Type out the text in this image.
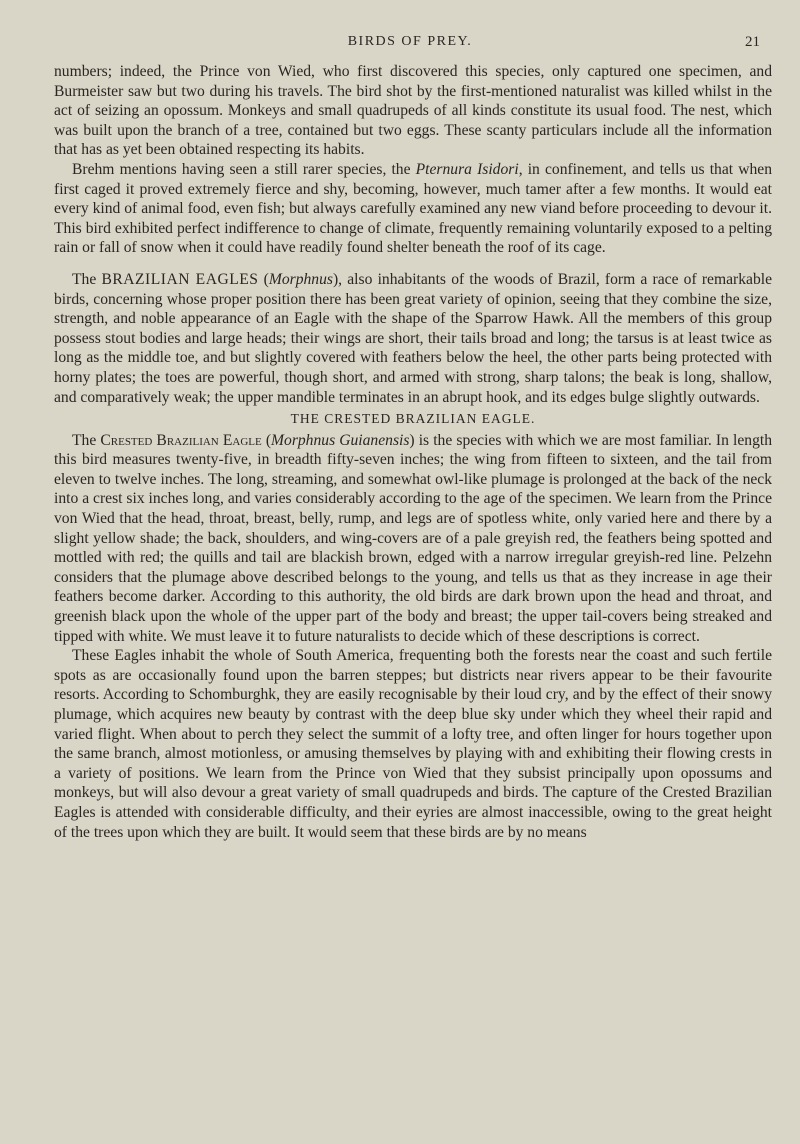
BIRDS OF PREY.	21

numbers; indeed, the Prince von Wied, who first discovered this species, only captured one specimen, and Burmeister saw but two during his travels. The bird shot by the first-mentioned naturalist was killed whilst in the act of seizing an opossum. Monkeys and small quadrupeds of all kinds constitute its usual food. The nest, which was built upon the branch of a tree, contained but two eggs. These scanty particulars include all the information that has as yet been obtained respecting its habits.

Brehm mentions having seen a still rarer species, the Pternura Isidori, in confinement, and tells us that when first caged it proved extremely fierce and shy, becoming, however, much tamer after a few months. It would eat every kind of animal food, even fish; but always carefully examined any new viand before proceeding to devour it. This bird exhibited perfect indifference to change of climate, frequently remaining voluntarily exposed to a pelting rain or fall of snow when it could have readily found shelter beneath the roof of its cage.

The BRAZILIAN EAGLES (Morphnus), also inhabitants of the woods of Brazil, form a race of remarkable birds, concerning whose proper position there has been great variety of opinion, seeing that they combine the size, strength, and noble appearance of an Eagle with the shape of the Sparrow Hawk. All the members of this group possess stout bodies and large heads; their wings are short, their tails broad and long; the tarsus is at least twice as long as the middle toe, and but slightly covered with feathers below the heel, the other parts being protected with horny plates; the toes are powerful, though short, and armed with strong, sharp talons; the beak is long, shallow, and comparatively weak; the upper mandible terminates in an abrupt hook, and its edges bulge slightly outwards.

THE CRESTED BRAZILIAN EAGLE.

The Crested Brazilian Eagle (Morphnus Guianensis) is the species with which we are most familiar. In length this bird measures twenty-five, in breadth fifty-seven inches; the wing from fifteen to sixteen, and the tail from eleven to twelve inches. The long, streaming, and somewhat owl-like plumage is prolonged at the back of the neck into a crest six inches long, and varies considerably according to the age of the specimen. We learn from the Prince von Wied that the head, throat, breast, belly, rump, and legs are of spotless white, only varied here and there by a slight yellow shade; the back, shoulders, and wing-covers are of a pale greyish red, the feathers being spotted and mottled with red; the quills and tail are blackish brown, edged with a narrow irregular greyish-red line. Pelzehn considers that the plumage above described belongs to the young, and tells us that as they increase in age their feathers become darker. According to this authority, the old birds are dark brown upon the head and throat, and greenish black upon the whole of the upper part of the body and breast; the upper tail-covers being streaked and tipped with white. We must leave it to future naturalists to decide which of these descriptions is correct.

These Eagles inhabit the whole of South America, frequenting both the forests near the coast and such fertile spots as are occasionally found upon the barren steppes; but districts near rivers appear to be their favourite resorts. According to Schomburghk, they are easily recognisable by their loud cry, and by the effect of their snowy plumage, which acquires new beauty by contrast with the deep blue sky under which they wheel their rapid and varied flight. When about to perch they select the summit of a lofty tree, and often linger for hours together upon the same branch, almost motionless, or amusing themselves by playing with and exhibiting their flowing crests in a variety of positions. We learn from the Prince von Wied that they subsist principally upon opossums and monkeys, but will also devour a great variety of small quadrupeds and birds. The capture of the Crested Brazilian Eagles is attended with considerable difficulty, and their eyries are almost inaccessible, owing to the great height of the trees upon which they are built. It would seem that these birds are by no means
